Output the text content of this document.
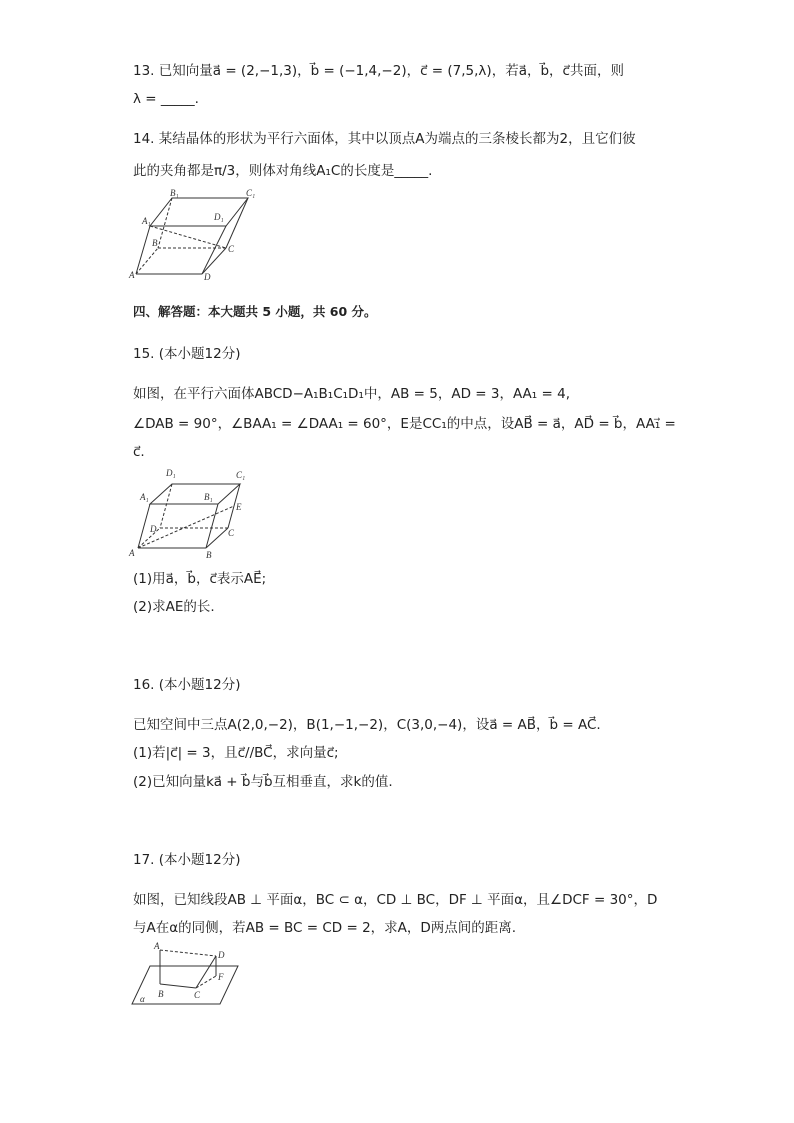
13. 已知向量a⃗ = (2,−1,3)，b⃗ = (−1,4,−2)，c⃗ = (7,5,λ)，若a⃗，b⃗，c⃗共面，则
λ = _____.
14. 某结晶体的形状为平行六面体，其中以顶点A为端点的三条棱长都为2，且它们彼
此的夹角都是π/3，则体对角线A₁C的长度是_____.
B₁	C₁
A₁	D₁
B
C
A	D
四、解答题：本大题共 5 小题，共 60 分。
15. (本小题12分)
如图，在平行六面体ABCD−A₁B₁C₁D₁中，AB = 5，AD = 3，AA₁ = 4,
∠DAB = 90°，∠BAA₁ = ∠DAA₁ = 60°，E是CC₁的中点，设AB⃗ = a⃗，AD⃗ = b⃗，AA₁⃗ =
c⃗.
D₁	C₁
A₁	B₁
E
D	C
A	B
(1)用a⃗，b⃗，c⃗表示AE⃗;
(2)求AE的长.
16. (本小题12分)
已知空间中三点A(2,0,−2)，B(1,−1,−2)，C(3,0,−4)，设a⃗ = AB⃗，b⃗ = AC⃗.
(1)若|c⃗| = 3，且c⃗//BC⃗，求向量c⃗;
(2)已知向量ka⃗ + b⃗与b⃗互相垂直，求k的值.
17. (本小题12分)
如图，已知线段AB ⊥ 平面α，BC ⊂ α，CD ⊥ BC，DF ⊥ 平面α，且∠DCF = 30°，D
与A在α的同侧，若AB = BC = CD = 2，求A，D两点间的距离.
A
D
F
B	C
α
